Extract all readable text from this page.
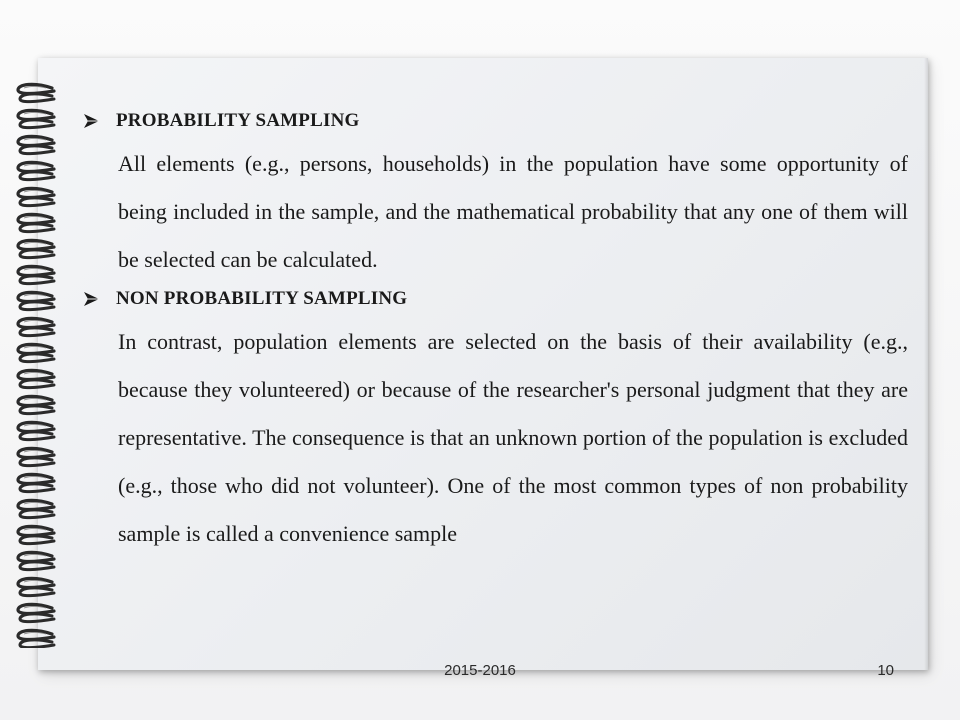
PROBABILITY SAMPLING

All elements (e.g., persons, households) in the population have some opportunity of being included in the sample, and the mathematical probability that any one of them will be selected can be calculated.

NON PROBABILITY SAMPLING

In contrast, population elements are selected on the basis of their availability (e.g., because they volunteered) or because of the researcher's personal judgment that they are representative. The consequence is that an unknown portion of the population is excluded (e.g., those who did not volunteer). One of the most common types of non probability sample is called a convenience sample

2015-2016	10
